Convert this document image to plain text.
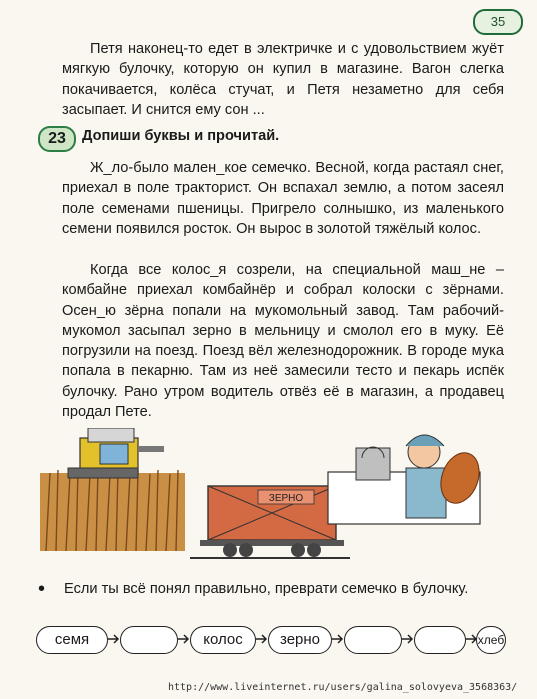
35

Петя наконец-то едет в электричке и с удовольствием жуёт мягкую булочку, которую он купил в магазине. Вагон слегка покачивается, колёса стучат, и Петя незаметно для себя засыпает. И снится ему сон ...

23	Допиши буквы и прочитай.

Ж_ло-было мален_кое семечко. Весной, когда растаял снег, приехал в поле тракторист. Он вспахал землю, а потом засеял поле семенами пшеницы. Пригрело солнышко, из маленького семени появился росток. Он вырос в золотой тяжёлый колос.

Когда все колос_я созрели, на специальной маш_не – комбайне приехал комбайнёр и собрал колоски с зёрнами. Осен_ю зёрна попали на мукомольный завод. Там рабочий-мукомол засыпал зерно в мельницу и смолол его в муку. Её погрузили на поезд. Поезд вёл железнодорожник. В городе мука попала в пекарню. Там из неё замесили тесто и пекарь испёк булочку. Рано утром водитель отвёз её в магазин, а продавец продал Пете.

ЗЕРНО
• Если ты всё понял правильно, преврати семечко в булочку.

семя	колос	зерно	хлеб
http://www.liveinternet.ru/users/galina_solovyeva_3568363/
